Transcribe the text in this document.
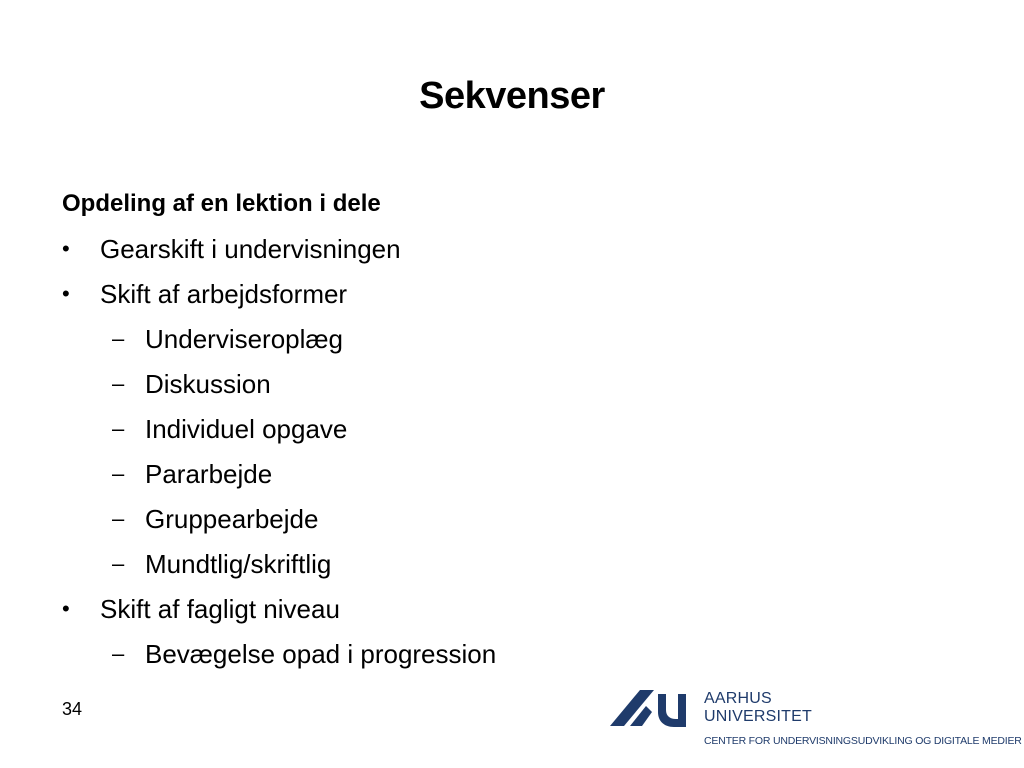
Sekvenser
Opdeling af en lektion i dele
• Gearskift i undervisningen
• Skift af arbejdsformer
– Underviseroplæg
– Diskussion
– Individuel opgave
– Pararbejde
– Gruppearbejde
– Mundtlig/skriftlig
• Skift af fagligt niveau
– Bevægelse opad i progression
34
AARHUS
UNIVERSITET
CENTER FOR UNDERVISNINGSUDVIKLING OG DIGITALE MEDIER
